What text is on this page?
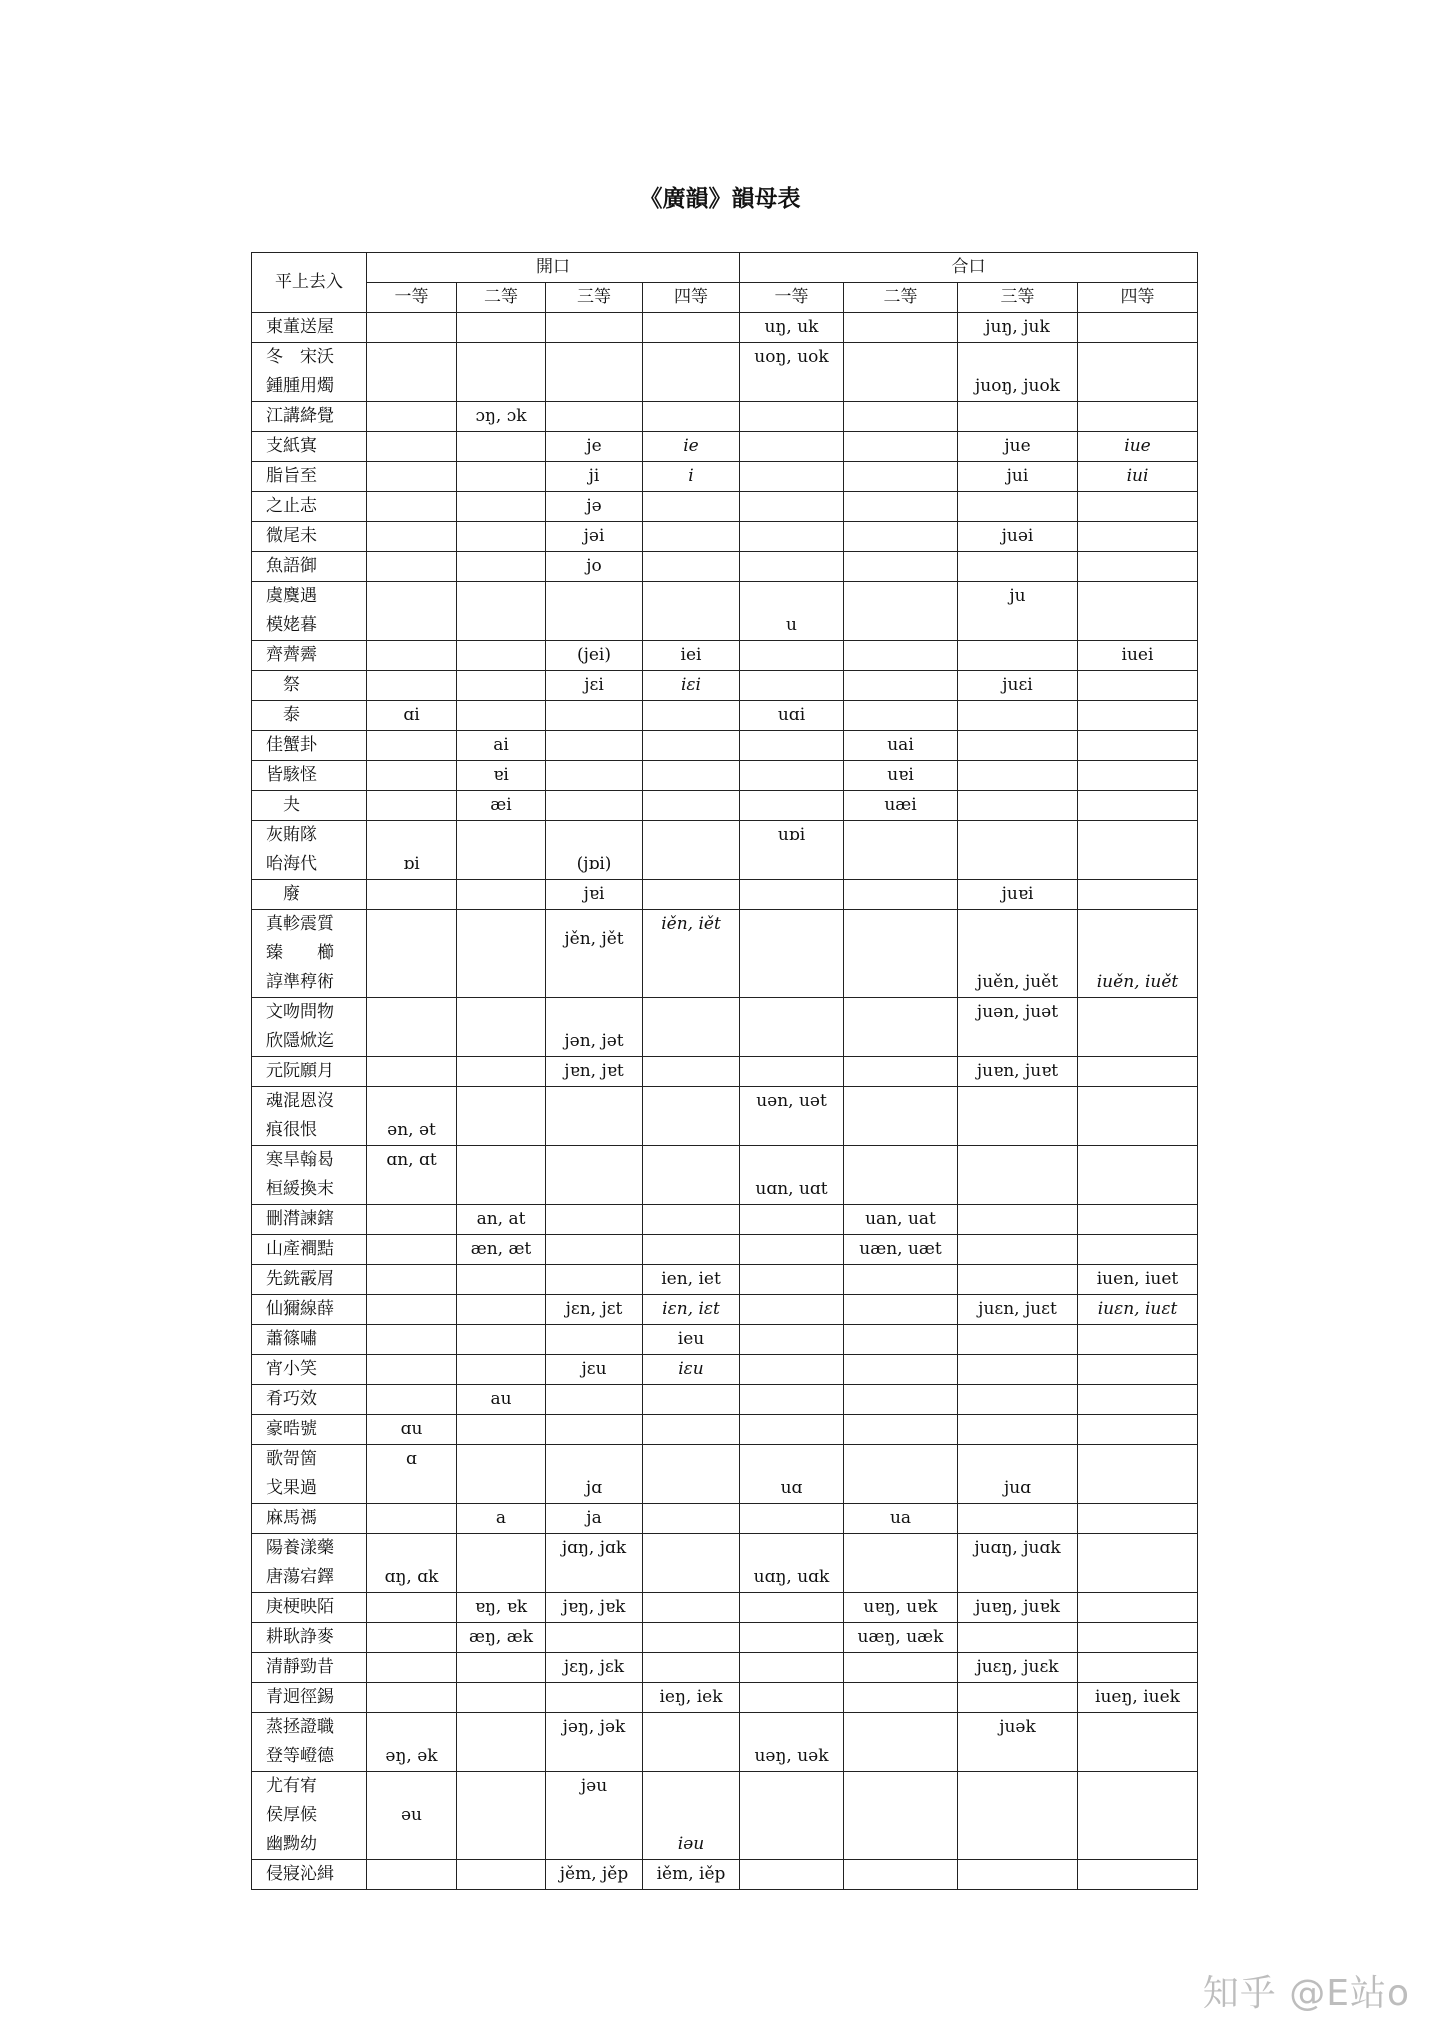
《廣韻》韻母表
平上去入	開口				合口			
	一等	二等	三等	四等	一等	二等	三等	四等

東董送屋					uŋ, uk		juŋ, juk	

冬　宋沃
鍾腫用燭					uoŋ, uok		juoŋ, juok	

江講絳覺		ɔŋ, ɔk						

支紙寘			je	ie			jue	iue

脂旨至			ji	i			jui	iui

之止志			jə					

微尾未			jəi				juəi	

魚語御			jo					

虞麌遇
模姥暮					u		ju	

齊薺霽			(jei)	iei				iuei

　祭			jɛi	iɛi			juɛi	

　泰	ɑi				uɑi			

佳蟹卦		ai				uai		

皆駭怪		ɐi				uɐi		

　夬		æi				uæi		

灰賄隊
咍海代	ɒi		(jɒi)		uɒi			

　廢			jɐi				juɐi	

真軫震質
臻　　櫛
諄準稕術			jěn, jět	iěn, iět			juěn, juět	iuěn, iuět

文吻問物
欣隱焮迄			jən, jət				juən, juət	

元阮願月			jɐn, jɐt				juɐn, juɐt	

魂混恩沒
痕很恨	ən, ət				uən, uət			

寒旱翰曷
桓緩換末	ɑn, ɑt				uɑn, uɑt			

刪潸諫鎋		an, at				uan, uat		

山產襇黠		æn, æt				uæn, uæt		

先銑霰屑				ien, iet				iuen, iuet

仙獮線薛			jɛn, jɛt	iɛn, iɛt			juɛn, juɛt	iuɛn, iuɛt

蕭篠嘯				ieu				

宵小笑			jɛu	iɛu				

肴巧效		au						

豪晧號	ɑu							

歌哿箇
戈果過	ɑ		jɑ		uɑ		juɑ	

麻馬禡		a	ja			ua		

陽養漾藥
唐蕩宕鐸	ɑŋ, ɑk		jɑŋ, jɑk		uɑŋ, uɑk		juɑŋ, juɑk	

庚梗映陌		ɐŋ, ɐk	jɐŋ, jɐk			uɐŋ, uɐk	juɐŋ, juɐk	

耕耿諍麥		æŋ, æk				uæŋ, uæk		

清靜勁昔			jɛŋ, jɛk				juɛŋ, juɛk	

青迥徑錫				ieŋ, iek				iueŋ, iuek

蒸拯證職
登等嶝德	əŋ, ək		jəŋ, jək		uəŋ, uək		juək	

尤有宥
侯厚候
幽黝幼	əu		jəu	iəu				

侵寢沁緝			jěm, jěp	iěm, iěp				

知乎 @E站o
